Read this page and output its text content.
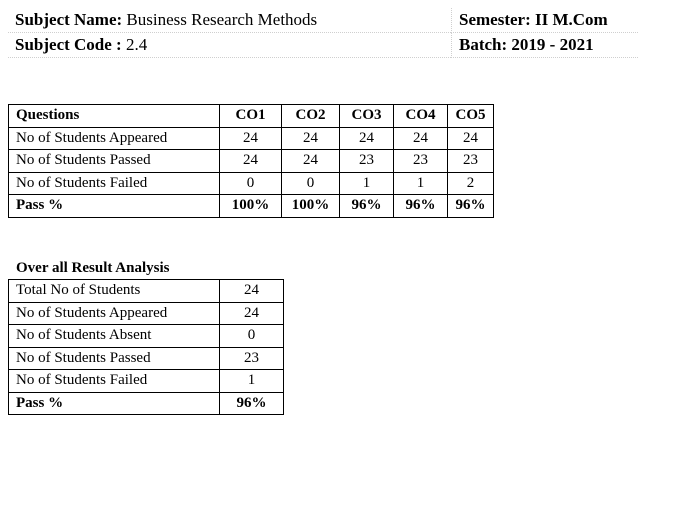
Subject Name: Business Research Methods
Subject Code : 2.4
Semester: II M.Com
Batch: 2019 - 2021
Questions	CO1	CO2	CO3	CO4	CO5
No of Students Appeared	24	24	24	24	24
No of Students Passed	24	24	23	23	23
No of Students Failed	0	0	1	1	2
Pass %	100%	100%	96%	96%	96%
Over all Result Analysis
Total No of Students	24
No of Students Appeared	24
No of Students Absent	0
No of Students Passed	23
No of Students Failed	1
Pass %	96%
